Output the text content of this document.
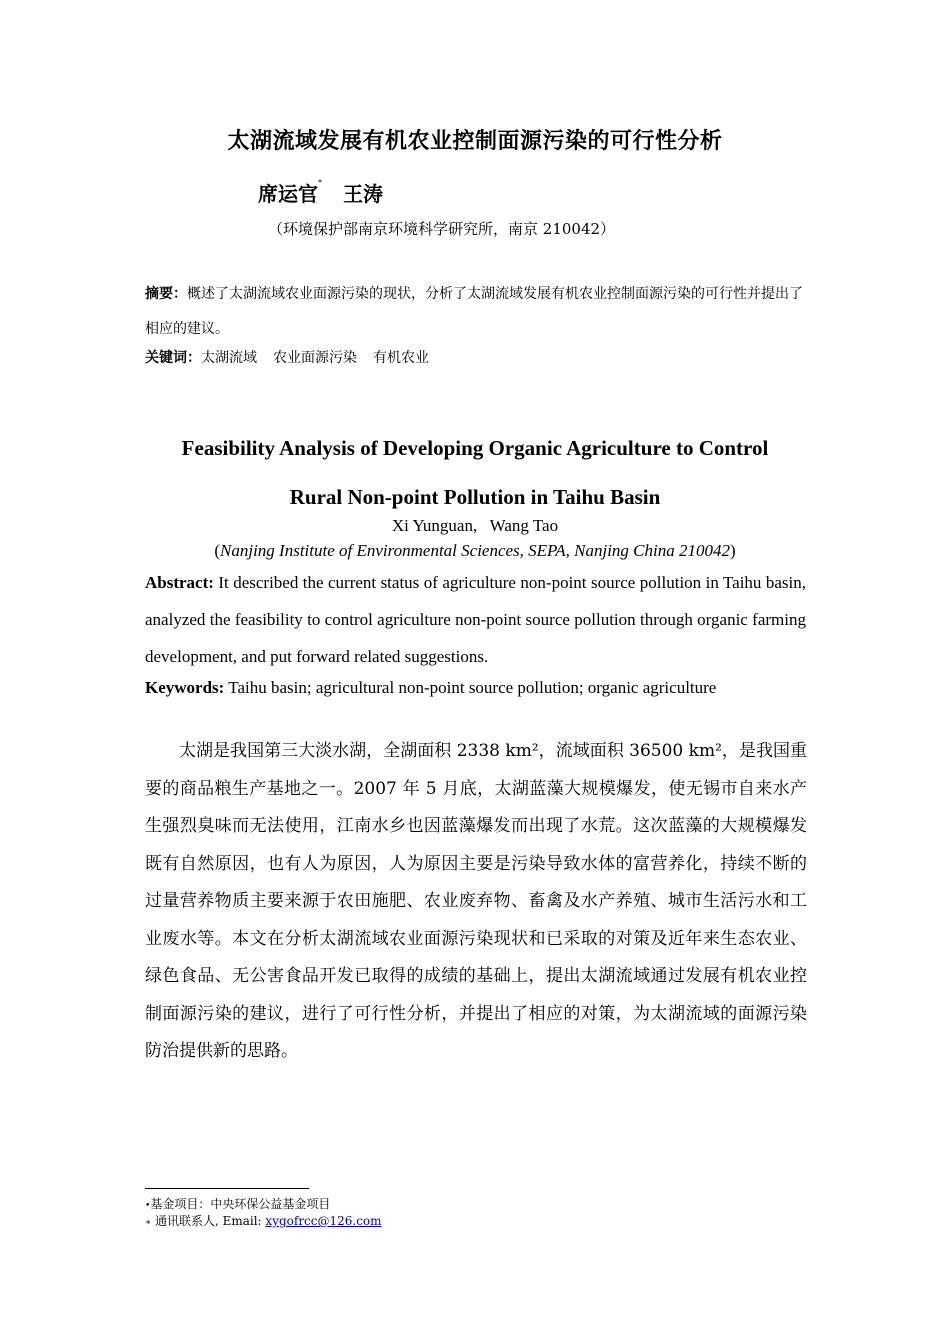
太湖流域发展有机农业控制面源污染的可行性分析
席运官* 王涛
（环境保护部南京环境科学研究所，南京 210042）
摘要：概述了太湖流域农业面源污染的现状，分析了太湖流域发展有机农业控制面源污染的可行性并提出了相应的建议。
关键词：太湖流域 农业面源污染 有机农业
Feasibility Analysis of Developing Organic Agriculture to Control
Rural Non-point Pollution in Taihu Basin
Xi Yunguan,   Wang Tao
(Nanjing Institute of Environmental Sciences, SEPA, Nanjing China 210042)
Abstract: It described the current status of agriculture non-point source pollution in Taihu basin, analyzed the feasibility to control agriculture non-point source pollution through organic farming development, and put forward related suggestions.
Keywords: Taihu basin; agricultural non-point source pollution; organic agriculture
太湖是我国第三大淡水湖，全湖面积 2338 km²，流域面积 36500 km²，是我国重要的商品粮生产基地之一。2007 年 5 月底，太湖蓝藻大规模爆发，使无锡市自来水产生强烈臭味而无法使用，江南水乡也因蓝藻爆发而出现了水荒。这次蓝藻的大规模爆发既有自然原因，也有人为原因，人为原因主要是污染导致水体的富营养化，持续不断的过量营养物质主要来源于农田施肥、农业废弃物、畜禽及水产养殖、城市生活污水和工业废水等。本文在分析太湖流域农业面源污染现状和已采取的对策及近年来生态农业、绿色食品、无公害食品开发已取得的成绩的基础上，提出太湖流域通过发展有机农业控制面源污染的建议，进行了可行性分析，并提出了相应的对策，为太湖流域的面源污染防治提供新的思路。
•基金项目：中央环保公益基金项目
∗ 通讯联系人, Email: xygofrcc@126.com
